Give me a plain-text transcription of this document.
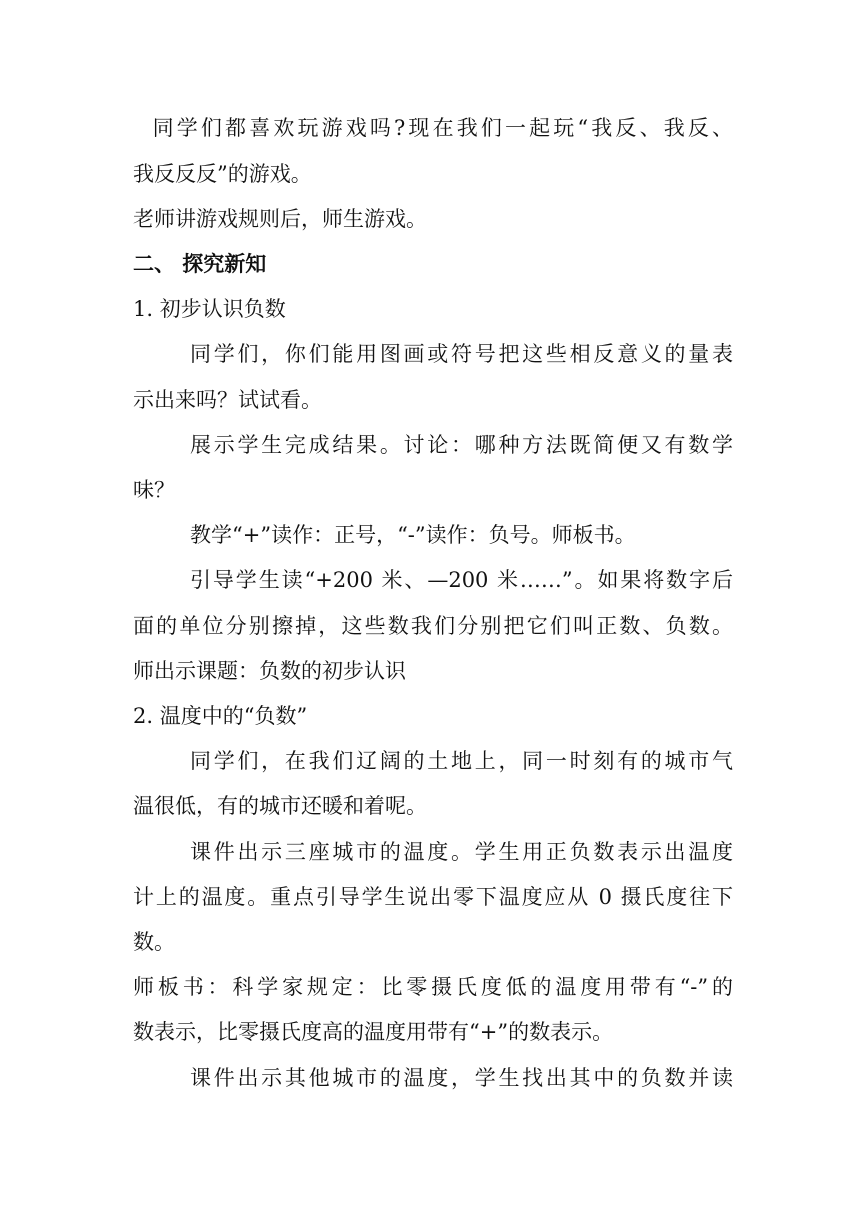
同学们都喜欢玩游戏吗?现在我们一起玩“我反、我反、
我反反反”的游戏。
老师讲游戏规则后，师生游戏。
二、 探究新知
1. 初步认识负数
同学们，你们能用图画或符号把这些相反意义的量表
示出来吗？试试看。
展示学生完成结果。讨论：哪种方法既简便又有数学
味？
教学“+”读作：正号，“-”读作：负号。师板书。
引导学生读“+200 米、—200 米……”。如果将数字后
面的单位分别擦掉，这些数我们分别把它们叫正数、负数。
师出示课题：负数的初步认识
2. 温度中的“负数”
同学们，在我们辽阔的土地上，同一时刻有的城市气
温很低，有的城市还暖和着呢。
课件出示三座城市的温度。学生用正负数表示出温度
计上的温度。重点引导学生说出零下温度应从 0 摄氏度往下
数。
师板书：科学家规定：比零摄氏度低的温度用带有“-”的
数表示，比零摄氏度高的温度用带有“+”的数表示。
课件出示其他城市的温度，学生找出其中的负数并读
